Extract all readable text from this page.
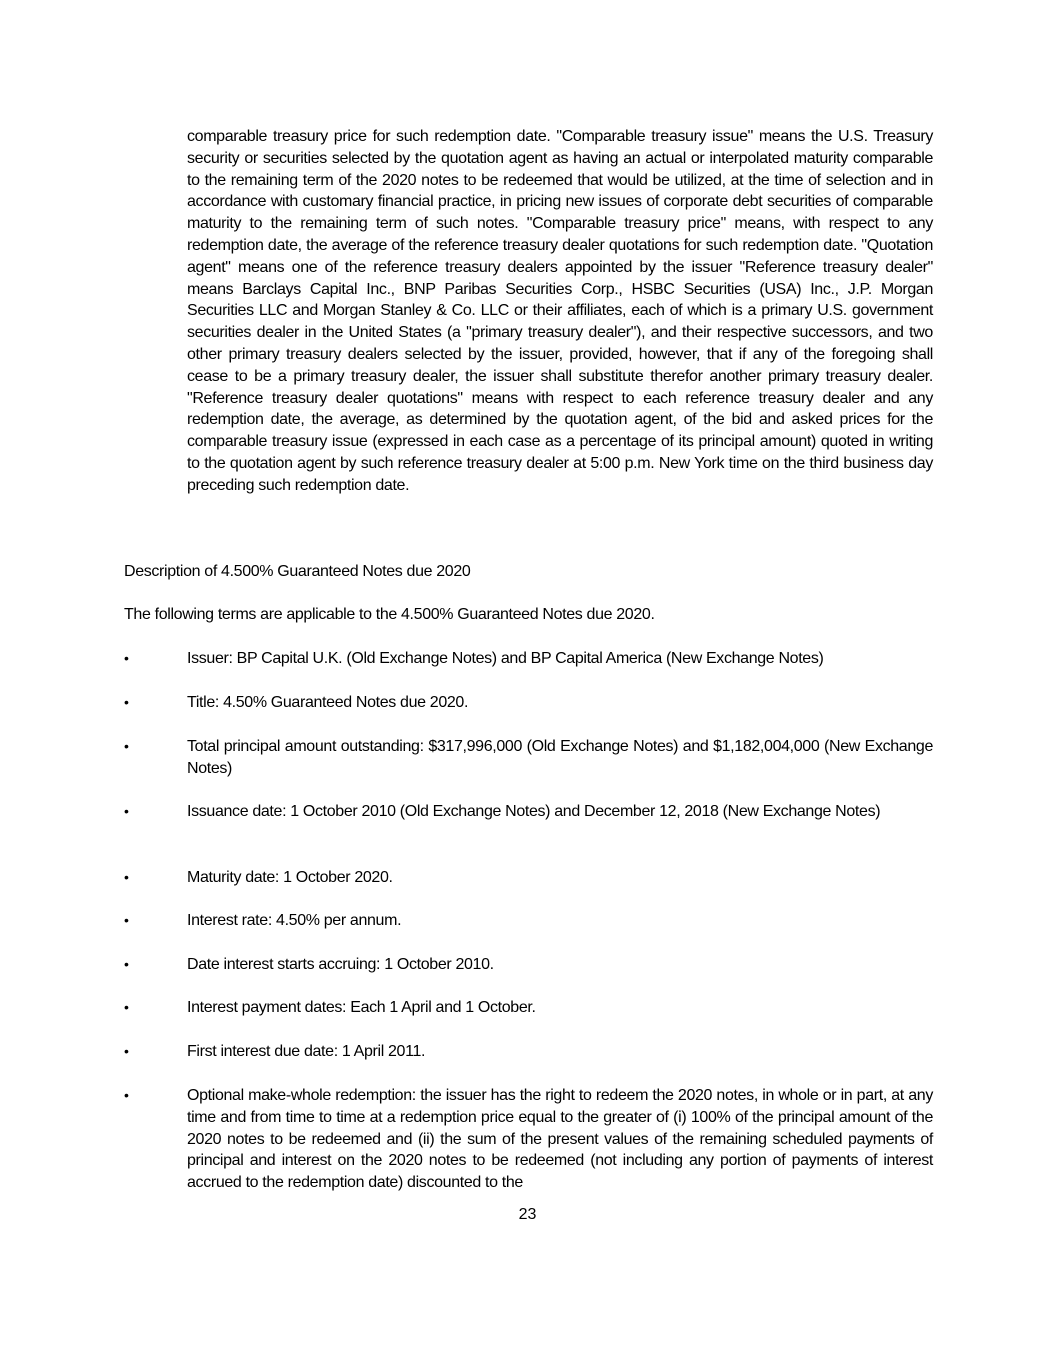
comparable treasury price for such redemption date. "Comparable treasury issue" means the U.S. Treasury security or securities selected by the quotation agent as having an actual or interpolated maturity comparable to the remaining term of the 2020 notes to be redeemed that would be utilized, at the time of selection and in accordance with customary financial practice, in pricing new issues of corporate debt securities of comparable maturity to the remaining term of such notes. "Comparable treasury price" means, with respect to any redemption date, the average of the reference treasury dealer quotations for such redemption date. "Quotation agent" means one of the reference treasury dealers appointed by the issuer "Reference treasury dealer" means Barclays Capital Inc., BNP Paribas Securities Corp., HSBC Securities (USA) Inc., J.P. Morgan Securities LLC and Morgan Stanley & Co. LLC or their affiliates, each of which is a primary U.S. government securities dealer in the United States (a "primary treasury dealer"), and their respective successors, and two other primary treasury dealers selected by the issuer, provided, however, that if any of the foregoing shall cease to be a primary treasury dealer, the issuer shall substitute therefor another primary treasury dealer. "Reference treasury dealer quotations" means with respect to each reference treasury dealer and any redemption date, the average, as determined by the quotation agent, of the bid and asked prices for the comparable treasury issue (expressed in each case as a percentage of its principal amount) quoted in writing to the quotation agent by such reference treasury dealer at 5:00 p.m. New York time on the third business day preceding such redemption date.
Description of 4.500% Guaranteed Notes due 2020
The following terms are applicable to the 4.500% Guaranteed Notes due 2020.
•	Issuer: BP Capital U.K. (Old Exchange Notes) and BP Capital America (New Exchange Notes)
•	Title: 4.50% Guaranteed Notes due 2020.
•	Total principal amount outstanding: $317,996,000 (Old Exchange Notes) and $1,182,004,000 (New Exchange Notes)
•	Issuance date: 1 October 2010 (Old Exchange Notes) and December 12, 2018 (New Exchange Notes)
•	Maturity date: 1 October 2020.
•	Interest rate: 4.50% per annum.
•	Date interest starts accruing: 1 October 2010.
•	Interest payment dates: Each 1 April and 1 October.
•	First interest due date: 1 April 2011.
•	Optional make-whole redemption: the issuer has the right to redeem the 2020 notes, in whole or in part, at any time and from time to time at a redemption price equal to the greater of (i) 100% of the principal amount of the 2020 notes to be redeemed and (ii) the sum of the present values of the remaining scheduled payments of principal and interest on the 2020 notes to be redeemed (not including any portion of payments of interest accrued to the redemption date) discounted to the
23
